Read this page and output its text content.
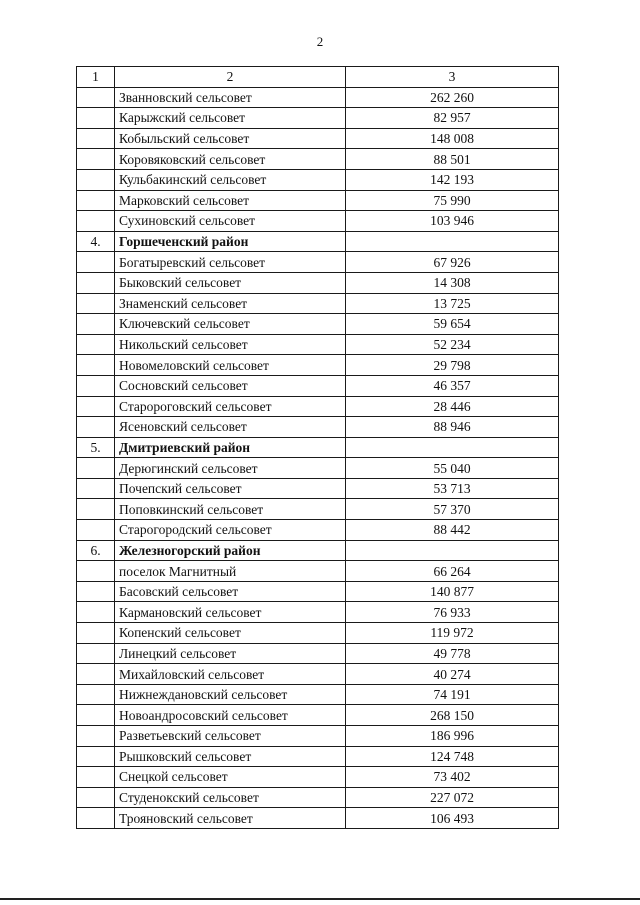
2
1	2	3
	Званновский сельсовет	262 260
	Карыжский сельсовет	82 957
	Кобыльский сельсовет	148 008
	Коровяковский сельсовет	88 501
	Кульбакинский сельсовет	142 193
	Марковский сельсовет	75 990
	Сухиновский сельсовет	103 946
4.	Горшеченский район	
	Богатыревский сельсовет	67 926
	Быковский сельсовет	14 308
	Знаменский сельсовет	13 725
	Ключевский сельсовет	59 654
	Никольский сельсовет	52 234
	Новомеловский сельсовет	29 798
	Сосновский сельсовет	46 357
	Старороговский сельсовет	28 446
	Ясеновский сельсовет	88 946
5.	Дмитриевский район	
	Дерюгинский сельсовет	55 040
	Почепский сельсовет	53 713
	Поповкинский сельсовет	57 370
	Старогородский сельсовет	88 442
6.	Железногорский район	
	поселок Магнитный	66 264
	Басовский сельсовет	140 877
	Кармановский сельсовет	76 933
	Копенский сельсовет	119 972
	Линецкий сельсовет	49 778
	Михайловский сельсовет	40 274
	Нижнеждановский сельсовет	74 191
	Новоандросовский сельсовет	268 150
	Разветьевский сельсовет	186 996
	Рышковский сельсовет	124 748
	Снецкой сельсовет	73 402
	Студенокский сельсовет	227 072
	Трояновский сельсовет	106 493
